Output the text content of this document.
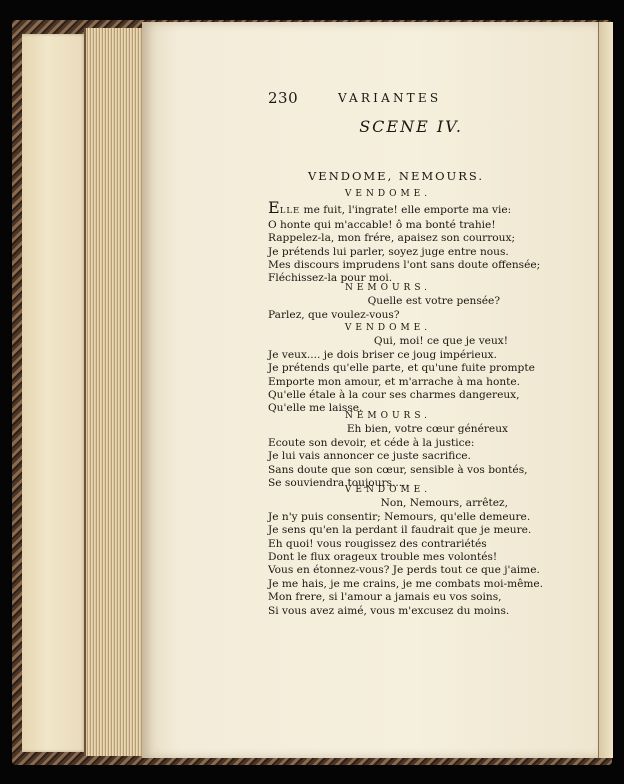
230	VARIANTES
SCENE IV.
VENDOME, NEMOURS.
VENDOME.
ELLE me fuit, l'ingrate! elle emporte ma vie:
O honte qui m'accable! ô ma bonté trahie!
Rappelez-la, mon frére, apaisez son courroux;
Je prétends lui parler, soyez juge entre nous.
Mes discours imprudens l'ont sans doute offensée;
Fléchissez-la pour moi.
NEMOURS.
Quelle est votre pensée?
Parlez, que voulez-vous?
VENDOME.
Qui, moi! ce que je veux!
Je veux.... je dois briser ce joug impérieux.
Je prétends qu'elle parte, et qu'une fuite prompte
Emporte mon amour, et m'arrache à ma honte.
Qu'elle étale à la cour ses charmes dangereux,
Qu'elle me laisse.
NEMOURS.
Eh bien, votre cœur généreux
Ecoute son devoir, et céde à la justice:
Je lui vais annoncer ce juste sacrifice.
Sans doute que son cœur, sensible à vos bontés,
Se souviendra toujours.....
VENDOME.
Non, Nemours, arrêtez,
Je n'y puis consentir; Nemours, qu'elle demeure.
Je sens qu'en la perdant il faudrait que je meure.
Eh quoi! vous rougissez des contrariétés
Dont le flux orageux trouble mes volontés!
Vous en étonnez-vous? Je perds tout ce que j'aime.
Je me hais, je me crains, je me combats moi-même.
Mon frere, si l'amour a jamais eu vos soins,
Si vous avez aimé, vous m'excusez du moins.
